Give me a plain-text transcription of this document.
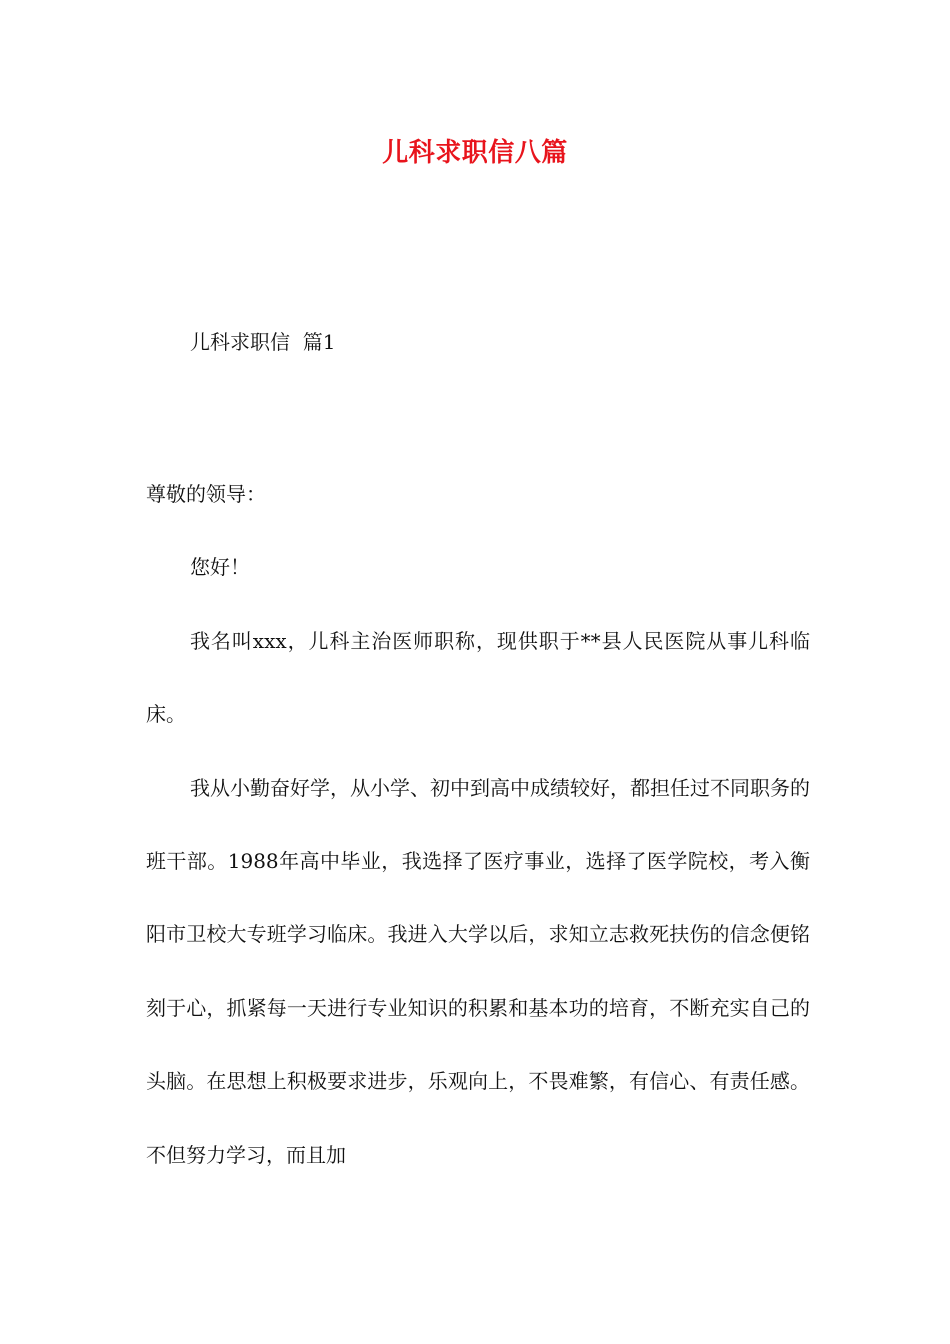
儿科求职信八篇
儿科求职信  篇1

尊敬的领导：

您好！

我名叫xxx，儿科主治医师职称，现供职于**县人民医院从事儿科临床。

我从小勤奋好学，从小学、初中到高中成绩较好，都担任过不同职务的班干部。1988年高中毕业，我选择了医疗事业，选择了医学院校，考入衡阳市卫校大专班学习临床。我进入大学以后，求知立志救死扶伤的信念便铭刻于心，抓紧每一天进行专业知识的积累和基本功的培育，不断充实自己的头脑。在思想上积极要求进步，乐观向上，不畏难繁，有信心、有责任感。不但努力学习，而且加
